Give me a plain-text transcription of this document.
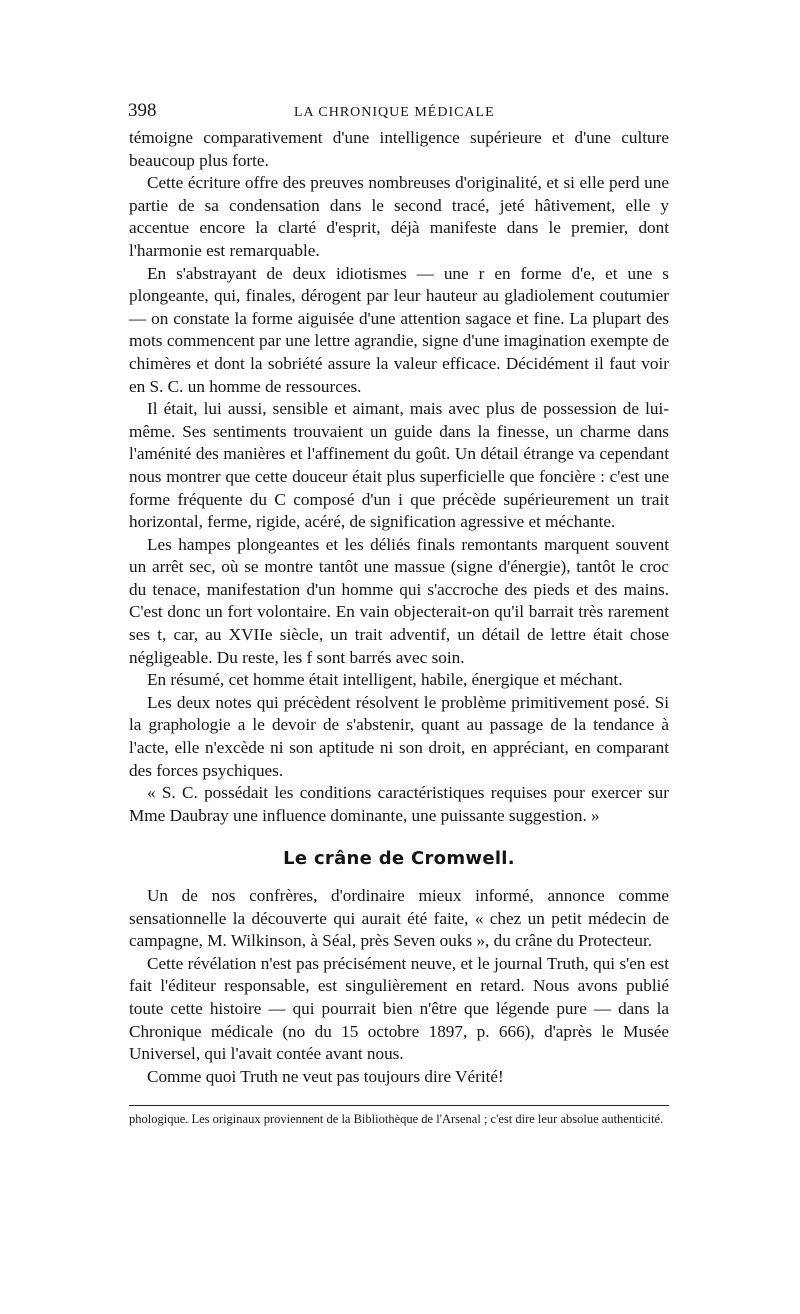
398	LA CHRONIQUE MÉDICALE

témoigne comparativement d'une intelligence supérieure et d'une culture beaucoup plus forte.

Cette écriture offre des preuves nombreuses d'originalité, et si elle perd une partie de sa condensation dans le second tracé, jeté hâtivement, elle y accentue encore la clarté d'esprit, déjà manifeste dans le premier, dont l'harmonie est remarquable.

En s'abstrayant de deux idiotismes — une r en forme d'e, et une s plongeante, qui, finales, dérogent par leur hauteur au gladiolement coutumier — on constate la forme aiguisée d'une attention sagace et fine. La plupart des mots commencent par une lettre agrandie, signe d'une imagination exempte de chimères et dont la sobriété assure la valeur efficace. Décidément il faut voir en S. C. un homme de ressources.

Il était, lui aussi, sensible et aimant, mais avec plus de possession de lui-même. Ses sentiments trouvaient un guide dans la finesse, un charme dans l'aménité des manières et l'affinement du goût. Un détail étrange va cependant nous montrer que cette douceur était plus superficielle que foncière : c'est une forme fréquente du C composé d'un i que précède supérieurement un trait horizontal, ferme, rigide, acéré, de signification agressive et méchante.

Les hampes plongeantes et les déliés finals remontants marquent souvent un arrêt sec, où se montre tantôt une massue (signe d'énergie), tantôt le croc du tenace, manifestation d'un homme qui s'accroche des pieds et des mains. C'est donc un fort volontaire. En vain objecterait-on qu'il barrait très rarement ses t, car, au XVIIe siècle, un trait adventif, un détail de lettre était chose négligeable. Du reste, les f sont barrés avec soin.

En résumé, cet homme était intelligent, habile, énergique et méchant.

Les deux notes qui précèdent résolvent le problème primitivement posé. Si la graphologie a le devoir de s'abstenir, quant au passage de la tendance à l'acte, elle n'excède ni son aptitude ni son droit, en appréciant, en comparant des forces psychiques.

« S. C. possédait les conditions caractéristiques requises pour exercer sur Mme Daubray une influence dominante, une puissante suggestion. »

Le crâne de Cromwell.

Un de nos confrères, d'ordinaire mieux informé, annonce comme sensationnelle la découverte qui aurait été faite, « chez un petit médecin de campagne, M. Wilkinson, à Séal, près Seven ouks », du crâne du Protecteur.

Cette révélation n'est pas précisément neuve, et le journal Truth, qui s'en est fait l'éditeur responsable, est singulièrement en retard. Nous avons publié toute cette histoire — qui pourrait bien n'être que légende pure — dans la Chronique médicale (no du 15 octobre 1897, p. 666), d'après le Musée Universel, qui l'avait contée avant nous.

Comme quoi Truth ne veut pas toujours dire Vérité!

phologique. Les originaux proviennent de la Bibliothèque de l'Arsenal ; c'est dire leur absolue authenticité.
